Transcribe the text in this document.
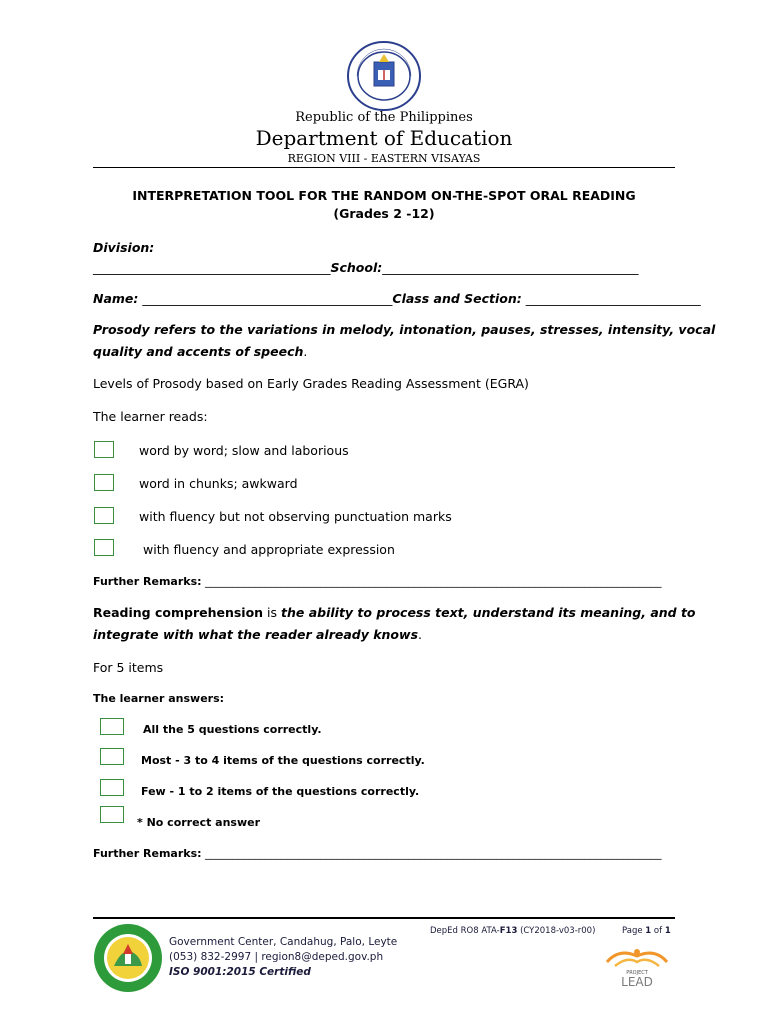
Republic of the Philippines
Department of Education
REGION VIII - EASTERN VISAYAS
INTERPRETATION TOOL FOR THE RANDOM ON-THE-SPOT ORAL READING
(Grades 2 -12)
Division:
______________________________________School:_________________________________________
Name: ________________________________________Class and Section: ____________________________
Prosody refers to the variations in melody, intonation, pauses, stresses, intensity, vocal
quality and accents of speech.
Levels of Prosody based on Early Grades Reading Assessment (EGRA)
The learner reads:
word by word; slow and laborious
word in chunks; awkward
with fluency but not observing punctuation marks
with fluency and appropriate expression
Further Remarks: ___________________________________________________________________________________
Reading comprehension is the ability to process text, understand its meaning, and to
integrate with what the reader already knows.
For 5 items
The learner answers:
All the 5 questions correctly.
Most - 3 to 4 items of the questions correctly.
Few - 1 to 2 items of the questions correctly.
* No correct answer
Further Remarks: ___________________________________________________________________________________
Government Center, Candahug, Palo, Leyte
(053) 832-2997 | region8@deped.gov.ph
ISO 9001:2015 Certified
DepEd RO8 ATA-F13 (CY2018-v03-r00)	Page 1 of 1
PROJECT
LEAD
